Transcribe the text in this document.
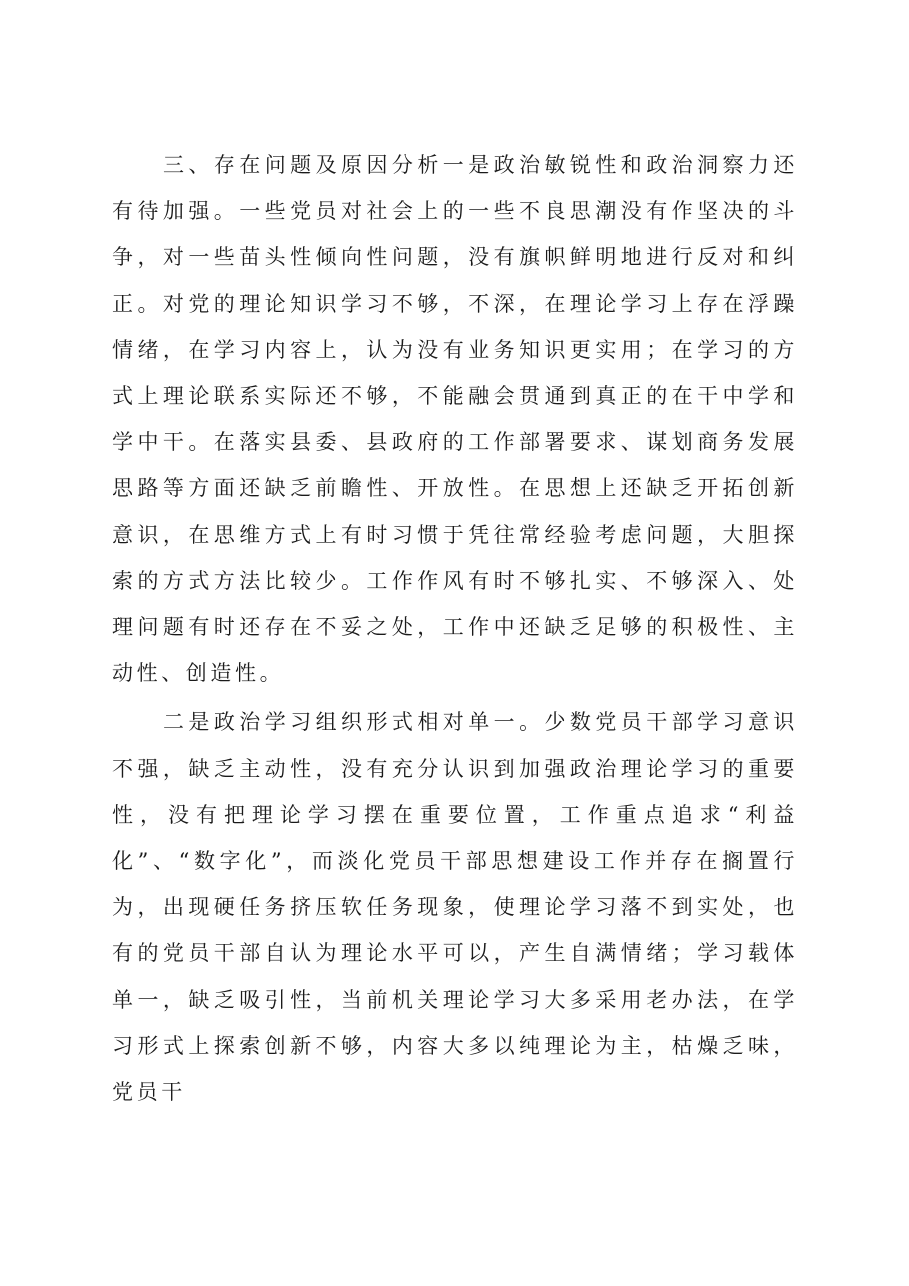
三、存在问题及原因分析一是政治敏锐性和政治洞察力还有待加强。一些党员对社会上的一些不良思潮没有作坚决的斗争，对一些苗头性倾向性问题，没有旗帜鲜明地进行反对和纠正。对党的理论知识学习不够，不深，在理论学习上存在浮躁情绪，在学习内容上，认为没有业务知识更实用；在学习的方式上理论联系实际还不够，不能融会贯通到真正的在干中学和学中干。在落实县委、县政府的工作部署要求、谋划商务发展思路等方面还缺乏前瞻性、开放性。在思想上还缺乏开拓创新意识，在思维方式上有时习惯于凭往常经验考虑问题，大胆探索的方式方法比较少。工作作风有时不够扎实、不够深入、处理问题有时还存在不妥之处，工作中还缺乏足够的积极性、主动性、创造性。

二是政治学习组织形式相对单一。少数党员干部学习意识不强，缺乏主动性，没有充分认识到加强政治理论学习的重要性，没有把理论学习摆在重要位置，工作重点追求“利益化”、“数字化”，而淡化党员干部思想建设工作并存在搁置行为，出现硬任务挤压软任务现象，使理论学习落不到实处，也有的党员干部自认为理论水平可以，产生自满情绪；学习载体单一，缺乏吸引性，当前机关理论学习大多采用老办法，在学习形式上探索创新不够，内容大多以纯理论为主，枯燥乏味，党员干
